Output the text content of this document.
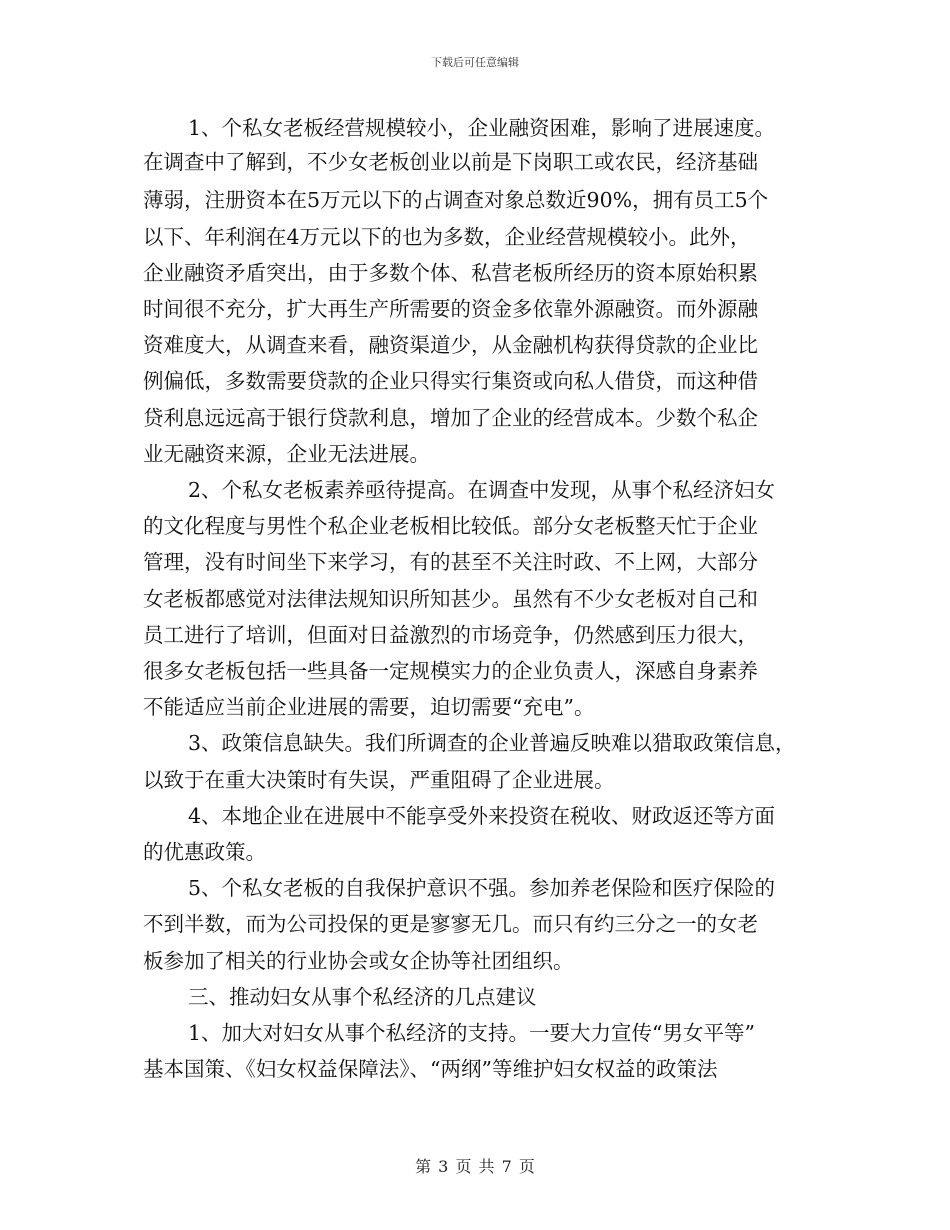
下载后可任意编辑
1、个私女老板经营规模较小，企业融资困难，影响了进展速度。
在调查中了解到，不少女老板创业以前是下岗职工或农民，经济基础
薄弱，注册资本在5万元以下的占调查对象总数近90%，拥有员工5个
以下、年利润在4万元以下的也为多数，企业经营规模较小。此外，
企业融资矛盾突出，由于多数个体、私营老板所经历的资本原始积累
时间很不充分，扩大再生产所需要的资金多依靠外源融资。而外源融
资难度大，从调查来看，融资渠道少，从金融机构获得贷款的企业比
例偏低，多数需要贷款的企业只得实行集资或向私人借贷，而这种借
贷利息远远高于银行贷款利息，增加了企业的经营成本。少数个私企
业无融资来源，企业无法进展。
2、个私女老板素养亟待提高。在调查中发现，从事个私经济妇女
的文化程度与男性个私企业老板相比较低。部分女老板整天忙于企业
管理，没有时间坐下来学习，有的甚至不关注时政、不上网，大部分
女老板都感觉对法律法规知识所知甚少。虽然有不少女老板对自己和
员工进行了培训，但面对日益激烈的市场竞争，仍然感到压力很大，
很多女老板包括一些具备一定规模实力的企业负责人，深感自身素养
不能适应当前企业进展的需要，迫切需要“充电”。
3、政策信息缺失。我们所调查的企业普遍反映难以猎取政策信息，
以致于在重大决策时有失误，严重阻碍了企业进展。
4、本地企业在进展中不能享受外来投资在税收、财政返还等方面
的优惠政策。
5、个私女老板的自我保护意识不强。参加养老保险和医疗保险的
不到半数，而为公司投保的更是寥寥无几。而只有约三分之一的女老
板参加了相关的行业协会或女企协等社团组织。
三、推动妇女从事个私经济的几点建议
1、加大对妇女从事个私经济的支持。一要大力宣传“男女平等”
基本国策、《妇女权益保障法》、“两纲”等维护妇女权益的政策法
第 3 页 共 7 页
